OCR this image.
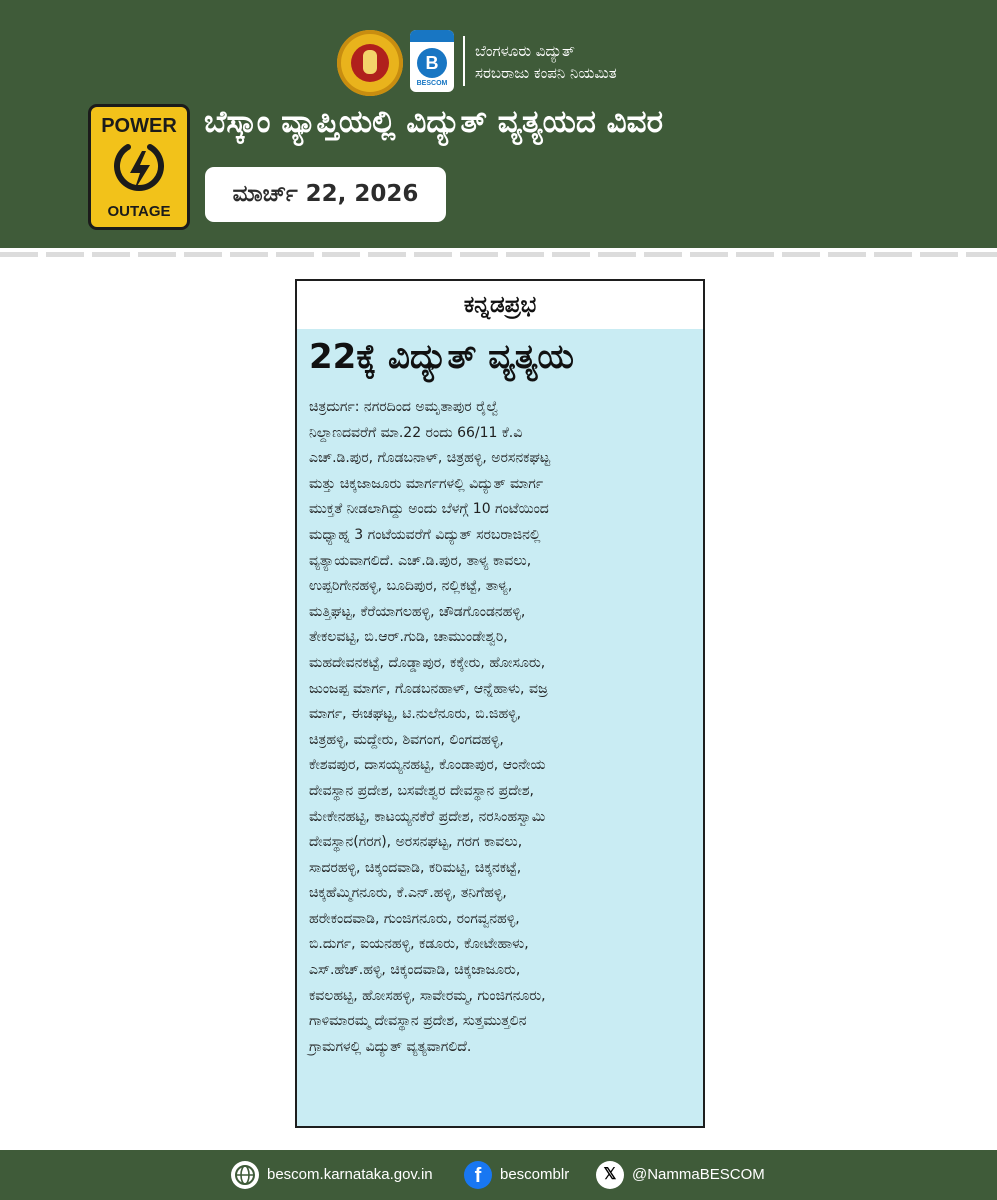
B
BESCOM
ಬೆಂಗಳೂರು ವಿದ್ಯುತ್
ಸರಬರಾಜು ಕಂಪನಿ ನಿಯಮಿತ
POWER
OUTAGE
ಬೆಸ್ಕಾಂ ವ್ಯಾಪ್ತಿಯಲ್ಲಿ ವಿದ್ಯುತ್ ವ್ಯತ್ಯಯದ ವಿವರ
ಮಾರ್ಚ್ 22, 2026
ಕನ್ನಡಪ್ರಭ
22ಕ್ಕೆ ವಿದ್ಯುತ್ ವ್ಯತ್ಯಯ
ಚಿತ್ರದುರ್ಗ: ನಗರದಿಂದ ಅಮೃತಾಪುರ ರೈಲ್ವೆ
ನಿಲ್ದಾಣದವರೆಗೆ ಮಾ.22 ರಂದು 66/11 ಕೆ.ವಿ
ಎಚ್.ಡಿ.ಪುರ, ಗೊಡಬನಾಳ್, ಚಿತ್ರಹಳ್ಳಿ, ಅರಸನಕಘಟ್ಟ
ಮತ್ತು ಚಿಕ್ಕಜಾಜೂರು ಮಾರ್ಗಗಳಲ್ಲಿ ವಿದ್ಯುತ್ ಮಾರ್ಗ
ಮುಕ್ತತೆ ನೀಡಲಾಗಿದ್ದು ಅಂದು ಬೆಳಗ್ಗೆ 10 ಗಂಟೆಯಿಂದ
ಮಧ್ಯಾಹ್ನ 3 ಗಂಟೆಯವರೆಗೆ ವಿದ್ಯುತ್ ಸರಬರಾಜಿನಲ್ಲಿ
ವ್ಯತ್ಯಾಯವಾಗಲಿದೆ. ಎಚ್.ಡಿ.ಪುರ, ತಾಳ್ಯ ಕಾವಲು,
ಉಪ್ಪರಿಗೇನಹಳ್ಳಿ, ಬೂದಿಪುರ, ನಲ್ಲಿಕಟ್ಟೆ, ತಾಳ್ಯ,
ಮತ್ತಿಘಟ್ಟ, ಕೆರೆಯಾಗಲಹಳ್ಳಿ, ಚೌಡಗೊಂಡನಹಳ್ಳಿ,
ತೇಕಲವಟ್ಟಿ, ಬಿ.ಆರ್.ಗುಡಿ, ಚಾಮುಂಡೇಶ್ವರಿ,
ಮಹದೇವನಕಟ್ಟೆ, ದೊಡ್ಡಾಪುರ, ಕಕ್ಕೇರು, ಹೋಸೂರು,
ಜುಂಜಪ್ಪ ಮಾರ್ಗ, ಗೊಡಬನಹಾಳ್, ಆನ್ನೆಹಾಳು, ವಜ್ರ
ಮಾರ್ಗ, ಈಚಘಟ್ಟ, ಟಿ.ನುಲೆನೂರು, ಬಿ.ಜಿಹಳ್ಳಿ,
ಚಿತ್ರಹಳ್ಳಿ, ಮದ್ದೇರು, ಶಿವಗಂಗ, ಲಿಂಗದಹಳ್ಳಿ,
ಕೇಶವಪುರ, ದಾಸಯ್ಯನಹಟ್ಟಿ, ಕೊಂಡಾಪುರ, ಆಂನೇಯ
ದೇವಸ್ಥಾನ ಪ್ರದೇಶ, ಬಸವೇಶ್ವರ ದೇವಸ್ಥಾನ ಪ್ರದೇಶ,
ಮೇಕೇನಹಟ್ಟಿ, ಕಾಟಯ್ಯನಕೆರೆ ಪ್ರದೇಶ, ನರಸಿಂಹಸ್ವಾಮಿ
ದೇವಸ್ಥಾನ(ಗರಗ), ಅರಸನಘಟ್ಟ, ಗರಗ ಕಾವಲು,
ಸಾದರಹಳ್ಳಿ, ಚಿಕ್ಕಂದವಾಡಿ, ಕರಿಮಟ್ಟಿ, ಚಿಕ್ಕನಕಟ್ಟೆ,
ಚಿಕ್ಕಹೆಮ್ಮಿಗನೂರು, ಕೆ.ಎನ್.ಹಳ್ಳಿ, ತನಿಗೆಹಳ್ಳಿ,
ಹರೇಕಂದವಾಡಿ, ಗುಂಜಿಗನೂರು, ರಂಗವ್ವನಹಳ್ಳಿ,
ಬಿ.ದುರ್ಗ, ಐಯನಹಳ್ಳಿ, ಕಡೂರು, ಕೋಟೇಹಾಳು,
ಎಸ್.ಹೆಚ್.ಹಳ್ಳಿ, ಚಿಕ್ಕಂದವಾಡಿ, ಚಿಕ್ಕಜಾಜೂರು,
ಕವಲಹಟ್ಟಿ, ಹೋಸಹಳ್ಳಿ, ಸಾವೇರಮ್ಮ, ಗುಂಜಿಗನೂರು,
ಗಾಳಿಮಾರಮ್ಮ ದೇವಸ್ಥಾನ ಪ್ರದೇಶ, ಸುತ್ತಮುತ್ತಲಿನ
ಗ್ರಾಮಗಳಲ್ಲಿ ವಿದ್ಯುತ್ ವ್ಯತ್ಯವಾಗಲಿದೆ.
bescom.karnataka.gov.in	f bescomblr	𝕏 @NammaBESCOM
